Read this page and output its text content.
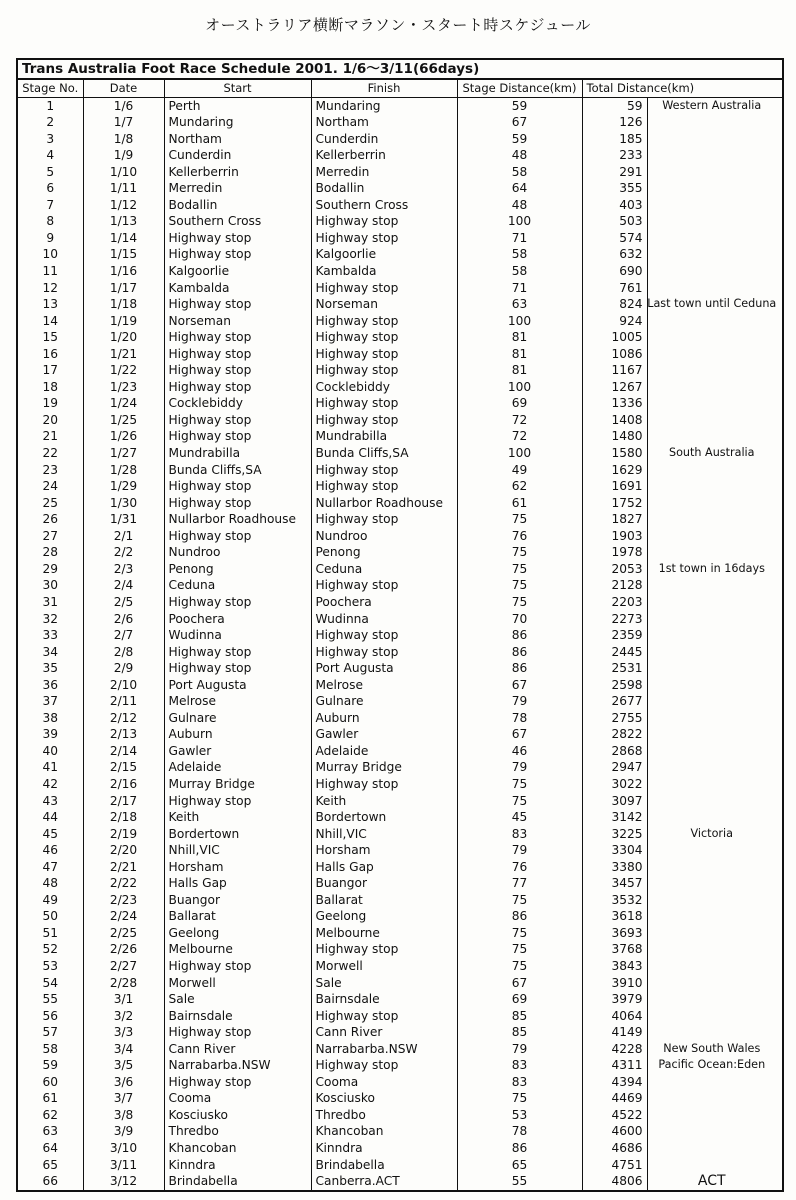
オーストラリア横断マラソン・スタート時スケジュール
Trans Australia Foot Race Schedule 2001. 1/6～3/11(66days)						
Stage No.	Date	Start	Finish	Stage Distance(km)	Total Distance(km)	
1	1/6	Perth	Mundaring	59	59	Western Australia

2	1/7	Mundaring	Northam	67	126	

3	1/8	Northam	Cunderdin	59	185	

4	1/9	Cunderdin	Kellerberrin	48	233	

5	1/10	Kellerberrin	Merredin	58	291	

6	1/11	Merredin	Bodallin	64	355	

7	1/12	Bodallin	Southern Cross	48	403	

8	1/13	Southern Cross	Highway stop	100	503	

9	1/14	Highway stop	Highway stop	71	574	

10	1/15	Highway stop	Kalgoorlie	58	632	

11	1/16	Kalgoorlie	Kambalda	58	690	

12	1/17	Kambalda	Highway stop	71	761	

13	1/18	Highway stop	Norseman	63	824	Last town until Ceduna

14	1/19	Norseman	Highway stop	100	924	

15	1/20	Highway stop	Highway stop	81	1005	

16	1/21	Highway stop	Highway stop	81	1086	

17	1/22	Highway stop	Highway stop	81	1167	

18	1/23	Highway stop	Cocklebiddy	100	1267	

19	1/24	Cocklebiddy	Highway stop	69	1336	

20	1/25	Highway stop	Highway stop	72	1408	

21	1/26	Highway stop	Mundrabilla	72	1480	

22	1/27	Mundrabilla	Bunda Cliffs,SA	100	1580	South Australia

23	1/28	Bunda Cliffs,SA	Highway stop	49	1629	

24	1/29	Highway stop	Highway stop	62	1691	

25	1/30	Highway stop	Nullarbor Roadhouse	61	1752	

26	1/31	Nullarbor Roadhouse	Highway stop	75	1827	

27	2/1	Highway stop	Nundroo	76	1903	

28	2/2	Nundroo	Penong	75	1978	

29	2/3	Penong	Ceduna	75	2053	1st town in 16days

30	2/4	Ceduna	Highway stop	75	2128	

31	2/5	Highway stop	Poochera	75	2203	

32	2/6	Poochera	Wudinna	70	2273	

33	2/7	Wudinna	Highway stop	86	2359	

34	2/8	Highway stop	Highway stop	86	2445	

35	2/9	Highway stop	Port Augusta	86	2531	

36	2/10	Port Augusta	Melrose	67	2598	

37	2/11	Melrose	Gulnare	79	2677	

38	2/12	Gulnare	Auburn	78	2755	

39	2/13	Auburn	Gawler	67	2822	

40	2/14	Gawler	Adelaide	46	2868	

41	2/15	Adelaide	Murray Bridge	79	2947	

42	2/16	Murray Bridge	Highway stop	75	3022	

43	2/17	Highway stop	Keith	75	3097	

44	2/18	Keith	Bordertown	45	3142	

45	2/19	Bordertown	Nhill,VIC	83	3225	Victoria

46	2/20	Nhill,VIC	Horsham	79	3304	

47	2/21	Horsham	Halls Gap	76	3380	

48	2/22	Halls Gap	Buangor	77	3457	

49	2/23	Buangor	Ballarat	75	3532	

50	2/24	Ballarat	Geelong	86	3618	

51	2/25	Geelong	Melbourne	75	3693	

52	2/26	Melbourne	Highway stop	75	3768	

53	2/27	Highway stop	Morwell	75	3843	

54	2/28	Morwell	Sale	67	3910	

55	3/1	Sale	Bairnsdale	69	3979	

56	3/2	Bairnsdale	Highway stop	85	4064	

57	3/3	Highway stop	Cann River	85	4149	

58	3/4	Cann River	Narrabarba.NSW	79	4228	New South Wales

59	3/5	Narrabarba.NSW	Highway stop	83	4311	Pacific Ocean:Eden

60	3/6	Highway stop	Cooma	83	4394	

61	3/7	Cooma	Kosciusko	75	4469	

62	3/8	Kosciusko	Thredbo	53	4522	

63	3/9	Thredbo	Khancoban	78	4600	

64	3/10	Khancoban	Kinndra	86	4686	

65	3/11	Kinndra	Brindabella	65	4751	

66	3/12	Brindabella	Canberra.ACT	55	4806	ACT
